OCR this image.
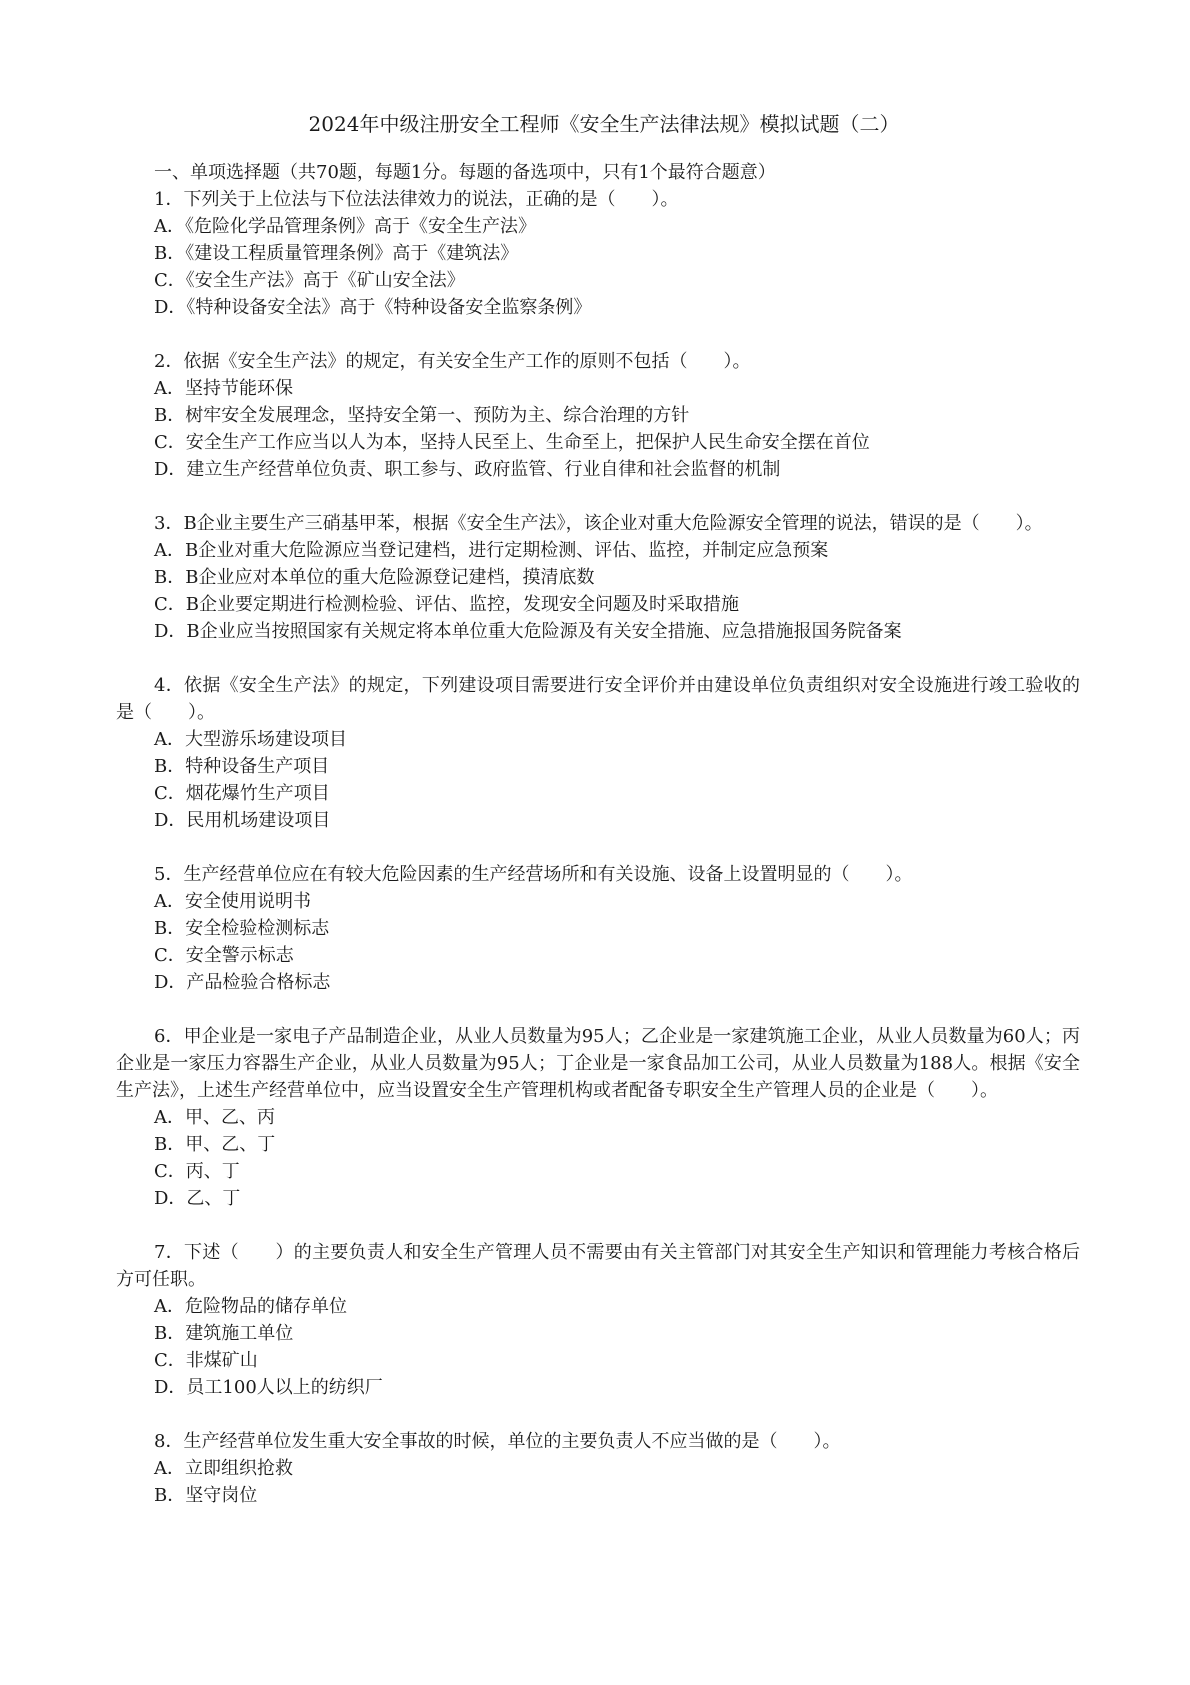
2024年中级注册安全工程师《安全生产法律法规》模拟试题（二）

一、单项选择题（共70题，每题1分。每题的备选项中，只有1个最符合题意）

1．下列关于上位法与下位法法律效力的说法，正确的是（　　）。

A．《危险化学品管理条例》高于《安全生产法》
B．《建设工程质量管理条例》高于《建筑法》
C．《安全生产法》高于《矿山安全法》
D．《特种设备安全法》高于《特种设备安全监察条例》

2．依据《安全生产法》的规定，有关安全生产工作的原则不包括（　　）。

A．坚持节能环保
B．树牢安全发展理念，坚持安全第一、预防为主、综合治理的方针
C．安全生产工作应当以人为本，坚持人民至上、生命至上，把保护人民生命安全摆在首位
D．建立生产经营单位负责、职工参与、政府监管、行业自律和社会监督的机制

3．B企业主要生产三硝基甲苯，根据《安全生产法》，该企业对重大危险源安全管理的说法，错误的是（　　）。

A．B企业对重大危险源应当登记建档，进行定期检测、评估、监控，并制定应急预案
B．B企业应对本单位的重大危险源登记建档，摸清底数
C．B企业要定期进行检测检验、评估、监控，发现安全问题及时采取措施
D．B企业应当按照国家有关规定将本单位重大危险源及有关安全措施、应急措施报国务院备案

4．依据《安全生产法》的规定，下列建设项目需要进行安全评价并由建设单位负责组织对安全设施进行竣工验收的是（　　）。

A．大型游乐场建设项目
B．特种设备生产项目
C．烟花爆竹生产项目
D．民用机场建设项目

5．生产经营单位应在有较大危险因素的生产经营场所和有关设施、设备上设置明显的（　　）。

A．安全使用说明书
B．安全检验检测标志
C．安全警示标志
D．产品检验合格标志

6．甲企业是一家电子产品制造企业，从业人员数量为95人；乙企业是一家建筑施工企业，从业人员数量为60人；丙企业是一家压力容器生产企业，从业人员数量为95人；丁企业是一家食品加工公司，从业人员数量为188人。根据《安全生产法》，上述生产经营单位中，应当设置安全生产管理机构或者配备专职安全生产管理人员的企业是（　　）。

A．甲、乙、丙
B．甲、乙、丁
C．丙、丁
D．乙、丁

7．下述（　　）的主要负责人和安全生产管理人员不需要由有关主管部门对其安全生产知识和管理能力考核合格后方可任职。

A．危险物品的储存单位
B．建筑施工单位
C．非煤矿山
D．员工100人以上的纺织厂

8．生产经营单位发生重大安全事故的时候，单位的主要负责人不应当做的是（　　）。

A．立即组织抢救
B．坚守岗位
